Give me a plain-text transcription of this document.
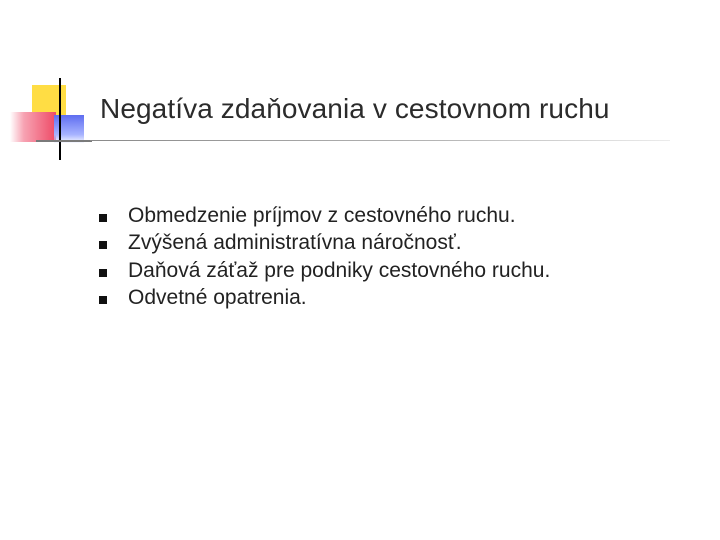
Negatíva zdaňovania v cestovnom ruchu
Obmedzenie príjmov z cestovného ruchu.
Zvýšená administratívna náročnosť.
Daňová záťaž pre podniky cestovného ruchu.
Odvetné opatrenia.
